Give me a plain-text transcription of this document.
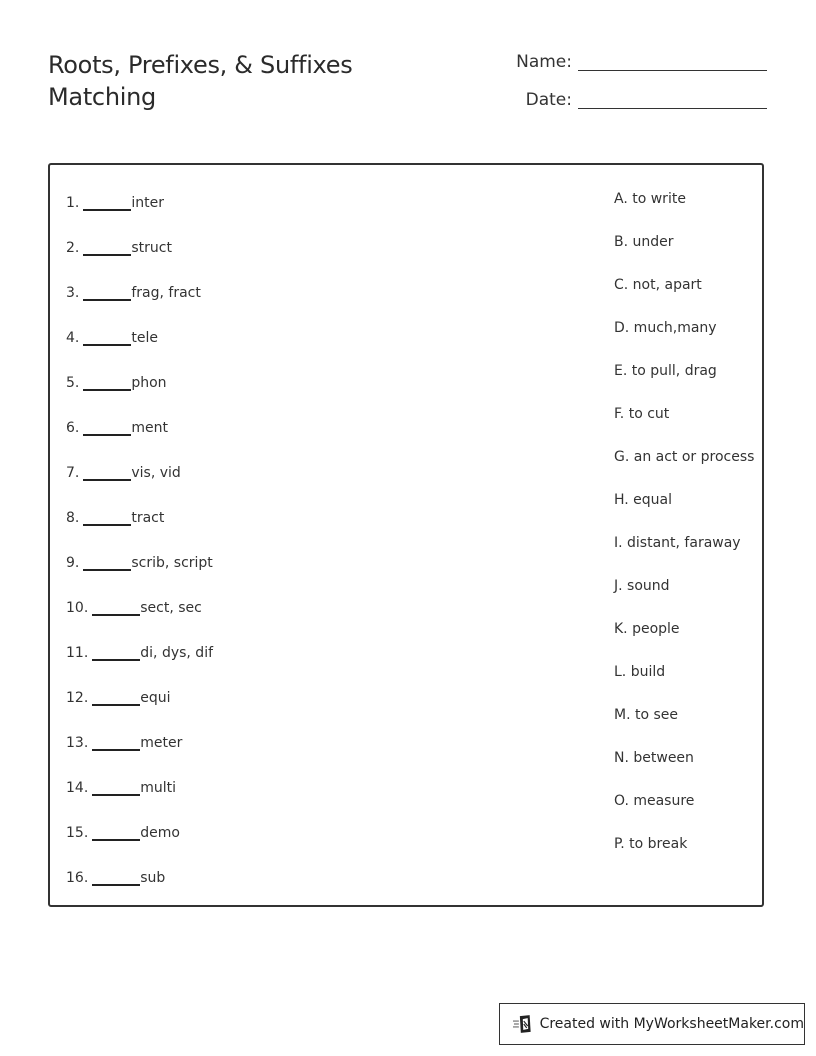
Roots, Prefixes, & Suffixes
Matching
Name:
Date:
1.	inter
2.	struct
3.	frag, fract
4.	tele
5.	phon
6.	ment
7.	vis, vid
8.	tract
9.	scrib, script
10.	sect, sec
11.	di, dys, dif
12.	equi
13.	meter
14.	multi
15.	demo
16.	sub
A. to write
B. under
C. not, apart
D. much,many
E. to pull, drag
F. to cut
G. an act or process
H. equal
I. distant, faraway
J. sound
K. people
L. build
M. to see
N. between
O. measure
P. to break
Created with MyWorksheetMaker.com
